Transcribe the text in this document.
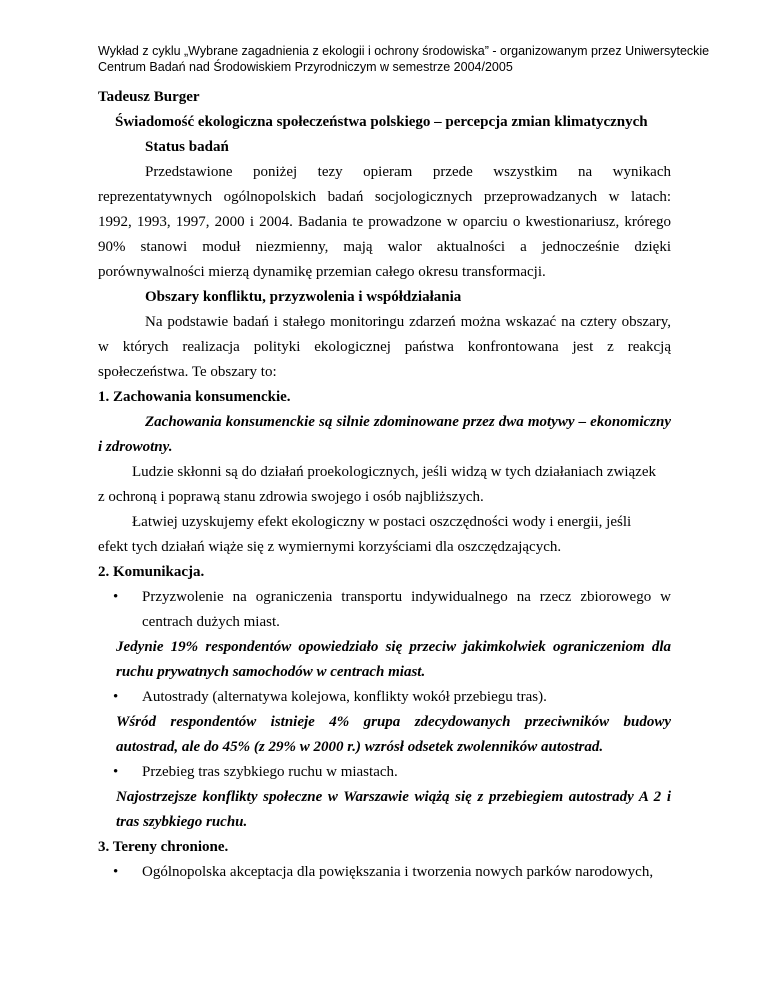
Wykład z cyklu „Wybrane zagadnienia z ekologii i ochrony środowiska” - organizowanym przez Uniwersyteckie
Centrum Badań nad Środowiskiem Przyrodniczym w semestrze 2004/2005
Tadeusz Burger
Świadomość ekologiczna społeczeństwa polskiego – percepcja zmian klimatycznych
Status badań
Przedstawione poniżej tezy opieram przede wszystkim na wynikach
reprezentatywnych ogólnopolskich badań socjologicznych przeprowadzanych w latach:
1992, 1993, 1997, 2000 i 2004. Badania te prowadzone w oparciu o kwestionariusz, krórego
90% stanowi moduł niezmienny, mają walor aktualności a jednocześnie dzięki
porównywalności mierzą dynamikę przemian całego okresu transformacji.
Obszary konfliktu, przyzwolenia i współdziałania
Na podstawie badań i stałego monitoringu zdarzeń można wskazać na cztery obszary,
w których realizacja polityki ekologicznej państwa konfrontowana jest z reakcją
społeczeństwa. Te obszary to:
1. Zachowania konsumenckie.
Zachowania konsumenckie są silnie zdominowane przez dwa motywy – ekonomiczny
i zdrowotny.
Ludzie skłonni są do działań proekologicznych, jeśli widzą w tych działaniach związek
z ochroną i poprawą stanu zdrowia swojego i osób najbliższych.
Łatwiej uzyskujemy efekt ekologiczny w postaci oszczędności wody i energii, jeśli
efekt tych działań wiąże się z wymiernymi korzyściami dla oszczędzających.
2. Komunikacja.
• Przyzwolenie na ograniczenia transportu indywidualnego na rzecz zbiorowego w
centrach dużych miast.
Jedynie 19% respondentów opowiedziało się przeciw jakimkolwiek ograniczeniom dla
ruchu prywatnych samochodów w centrach miast.
• Autostrady (alternatywa kolejowa, konflikty wokół przebiegu tras).
Wśród respondentów istnieje 4% grupa zdecydowanych przeciwników budowy
autostrad, ale do 45% (z 29% w 2000 r.) wzrósł odsetek zwolenników autostrad.
• Przebieg tras szybkiego ruchu w miastach.
Najostrzejsze konflikty społeczne w Warszawie wiążą się z przebiegiem autostrady A 2 i
tras szybkiego ruchu.
3. Tereny chronione.
• Ogólnopolska akceptacja dla powiększania i tworzenia nowych parków narodowych,
